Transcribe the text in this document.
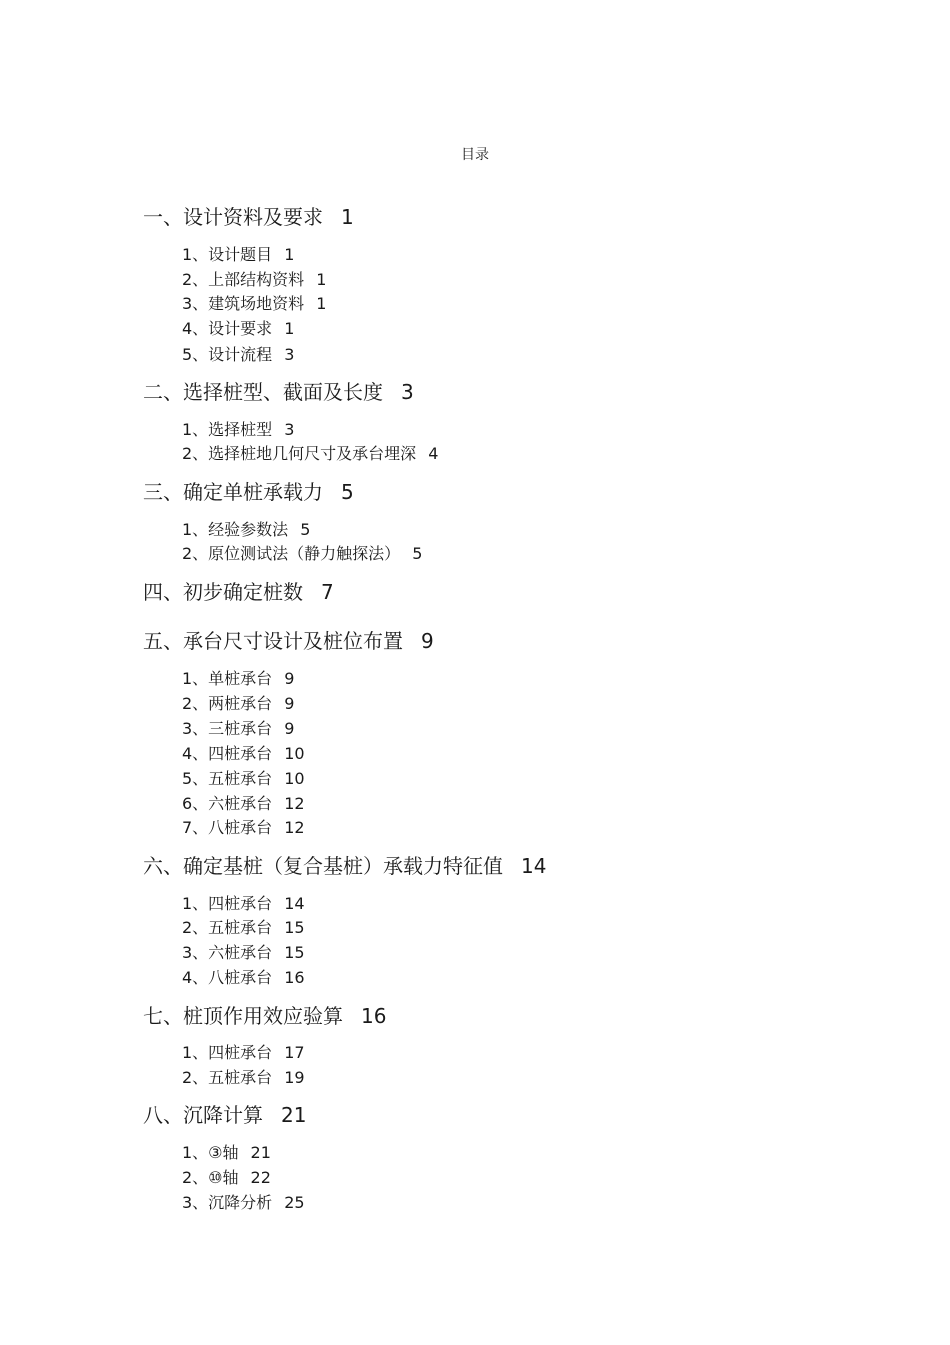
目录
一、设计资料及要求 1
1、设计题目 1
2、上部结构资料 1
3、建筑场地资料 1
4、设计要求 1
5、设计流程 3
二、选择桩型、截面及长度 3
1、选择桩型 3
2、选择桩地几何尺寸及承台埋深 4
三、确定单桩承载力 5
1、经验参数法 5
2、原位测试法（静力触探法） 5
四、初步确定桩数 7
五、承台尺寸设计及桩位布置 9
1、单桩承台 9
2、两桩承台 9
3、三桩承台 9
4、四桩承台 10
5、五桩承台 10
6、六桩承台 12
7、八桩承台 12
六、确定基桩（复合基桩）承载力特征值 14
1、四桩承台 14
2、五桩承台 15
3、六桩承台 15
4、八桩承台 16
七、桩顶作用效应验算 16
1、四桩承台 17
2、五桩承台 19
八、沉降计算 21
1、③轴 21
2、⑩轴 22
3、沉降分析 25
